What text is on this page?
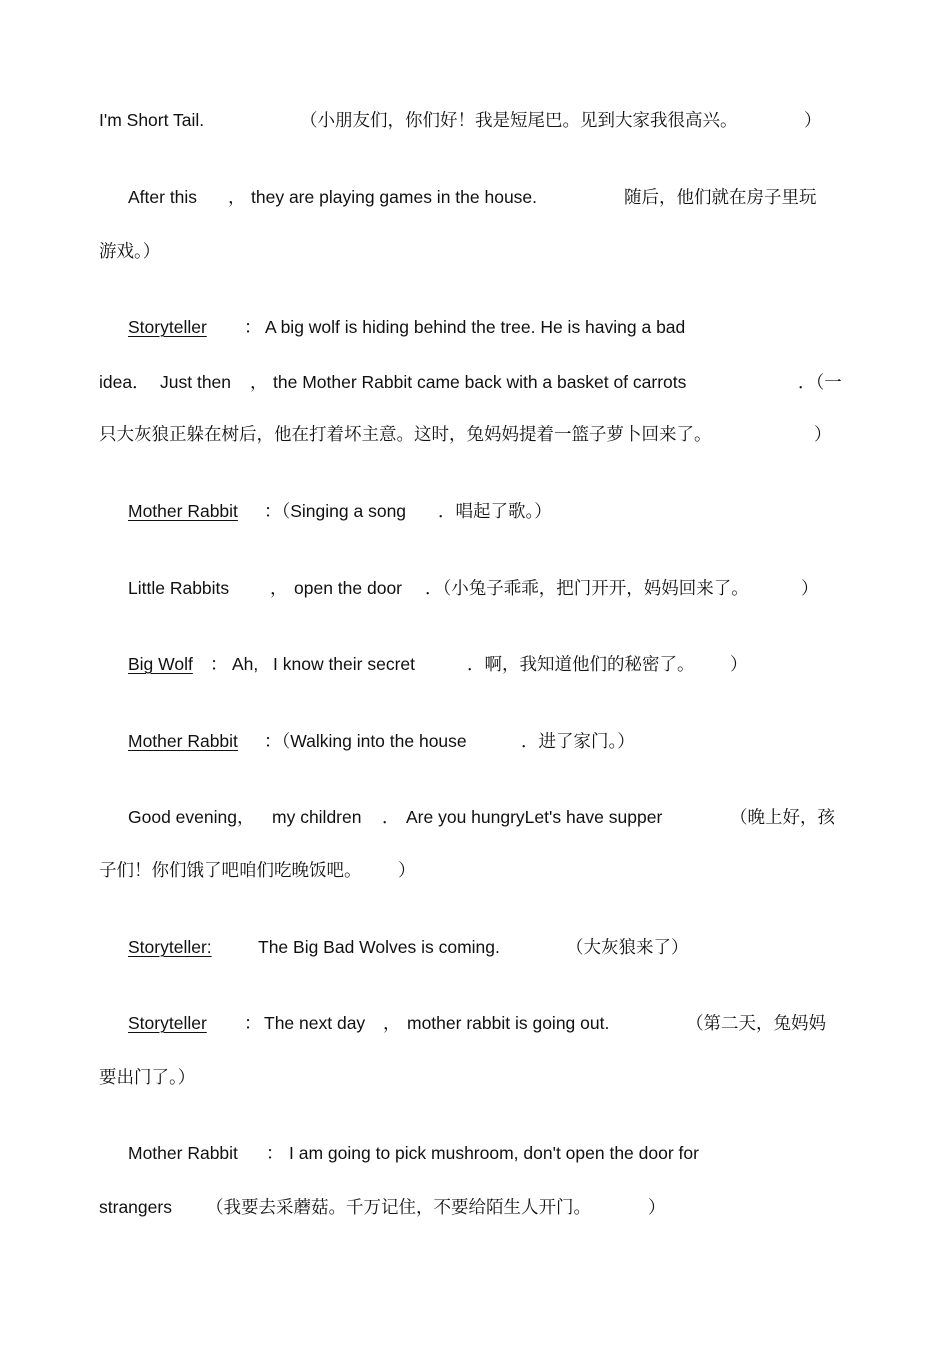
I'm Short Tail.	（小朋友们，你们好！我是短尾巴。见到大家我很高兴。	）
After this ， they are playing games in the house.	随后，他们就在房子里玩
游戏。）
Storyteller	： A big wolf is hiding behind the tree. He is having a bad
idea． Just then ， the Mother Rabbit came back with a basket of carrots	．（一
只大灰狼正躲在树后，他在打着坏主意。这时，兔妈妈提着一篮子萝卜回来了。	）
Mother Rabbit	：（Singing a song ．唱起了歌。）
Little Rabbits ， open the door ．（小兔子乖乖，把门开开，妈妈回来了。	）
Big Wolf ： Ah, I know their secret	．啊，我知道他们的秘密了。 ）
Mother Rabbit	：（Walking into the house	．进了家门。）
Good evening， my children ． Are you hungryLet's have supper	（晚上好，孩
子们！你们饿了吧咱们吃晚饭吧。 ）
Storyteller:	The Big Bad Wolves is coming.	（大灰狼来了）
Storyteller	： The next day ， mother rabbit is going out.	（第二天，兔妈妈
要出门了。）
Mother Rabbit ： I am going to pick mushroom, don't open the door for
strangers （我要去采蘑菇。千万记住，不要给陌生人开门。	）
